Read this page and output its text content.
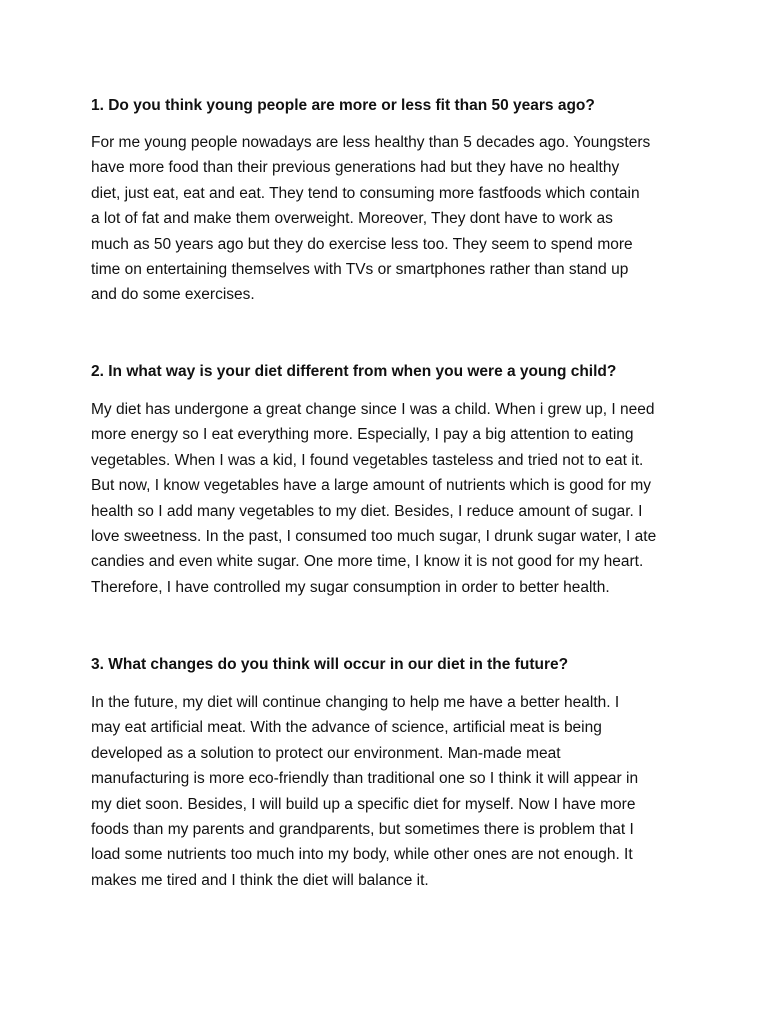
1. Do you think young people are more or less fit than 50 years ago?

For me young people nowadays are less healthy than 5 decades ago. Youngsters
have more food than their previous generations had but they have no healthy
diet, just eat, eat and eat. They tend to consuming more fastfoods which contain
a lot of fat and make them overweight. Moreover, They dont have to work as
much as 50 years ago but they do exercise less too. They seem to spend more
time on entertaining themselves with TVs or smartphones rather than stand up
and do some exercises.

2. In what way is your diet different from when you were a young child?

My diet has undergone a great change since I was a child. When i grew up, I need
more energy so I eat everything more. Especially, I pay a big attention to eating
vegetables. When I was a kid, I found vegetables tasteless and tried not to eat it.
But now, I know vegetables have a large amount of nutrients which is good for my
health so I add many vegetables to my diet. Besides, I reduce amount of sugar. I
love sweetness. In the past, I consumed too much sugar, I drunk sugar water, I ate
candies and even white sugar. One more time, I know it is not good for my heart.
Therefore, I have controlled my sugar consumption in order to better health.

3. What changes do you think will occur in our diet in the future?

In the future, my diet will continue changing to help me have a better health. I
may eat artificial meat. With the advance of science, artificial meat is being
developed as a solution to protect our environment. Man-made meat
manufacturing is more eco-friendly than traditional one so I think it will appear in
my diet soon. Besides, I will build up a specific diet for myself. Now I have more
foods than my parents and grandparents, but sometimes there is problem that I
load some nutrients too much into my body, while other ones are not enough. It
makes me tired and I think the diet will balance it.
